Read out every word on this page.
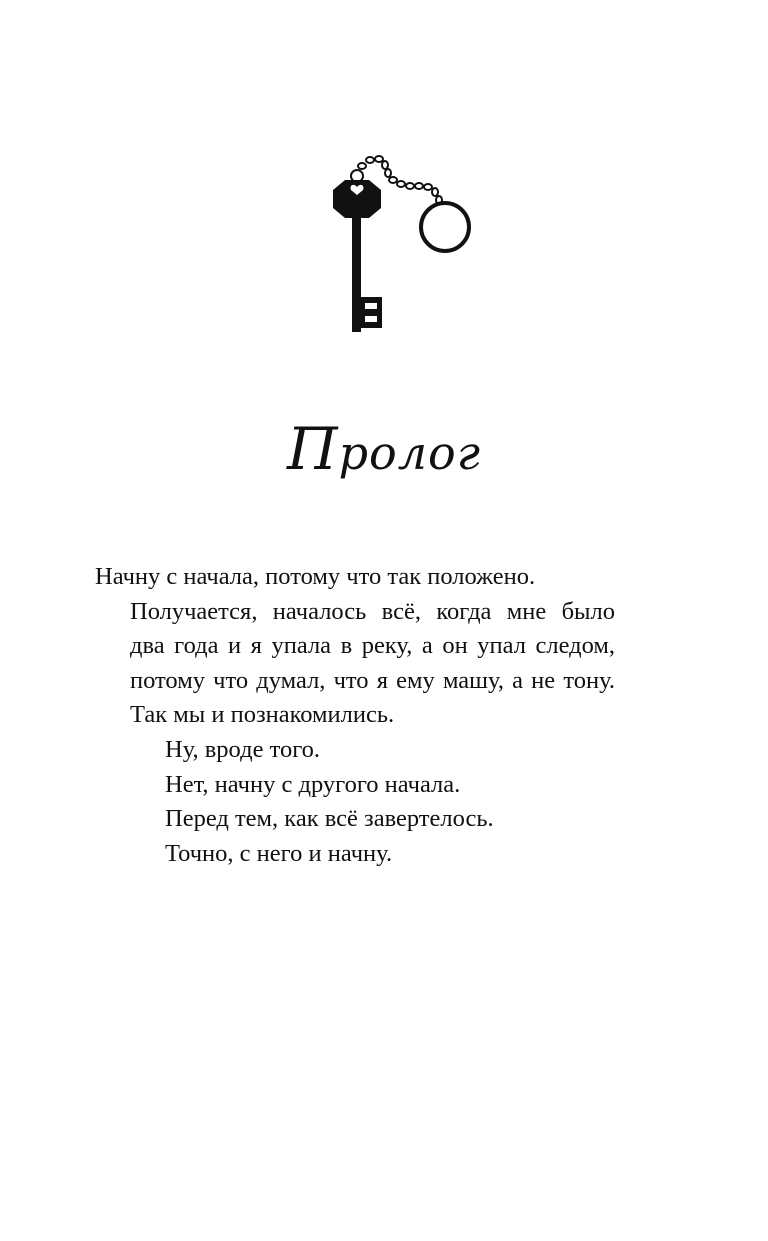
Пролог

Начну с начала, потому что так положено.

Получается, началось всё, когда мне было
два года и я упала в реку, а он упал следом,
потому что думал, что я ему машу, а не тону.
Так мы и познакомились.

Ну, вроде того.

Нет, начну с другого начала.

Перед тем, как всё завертелось.

Точно, с него и начну.
